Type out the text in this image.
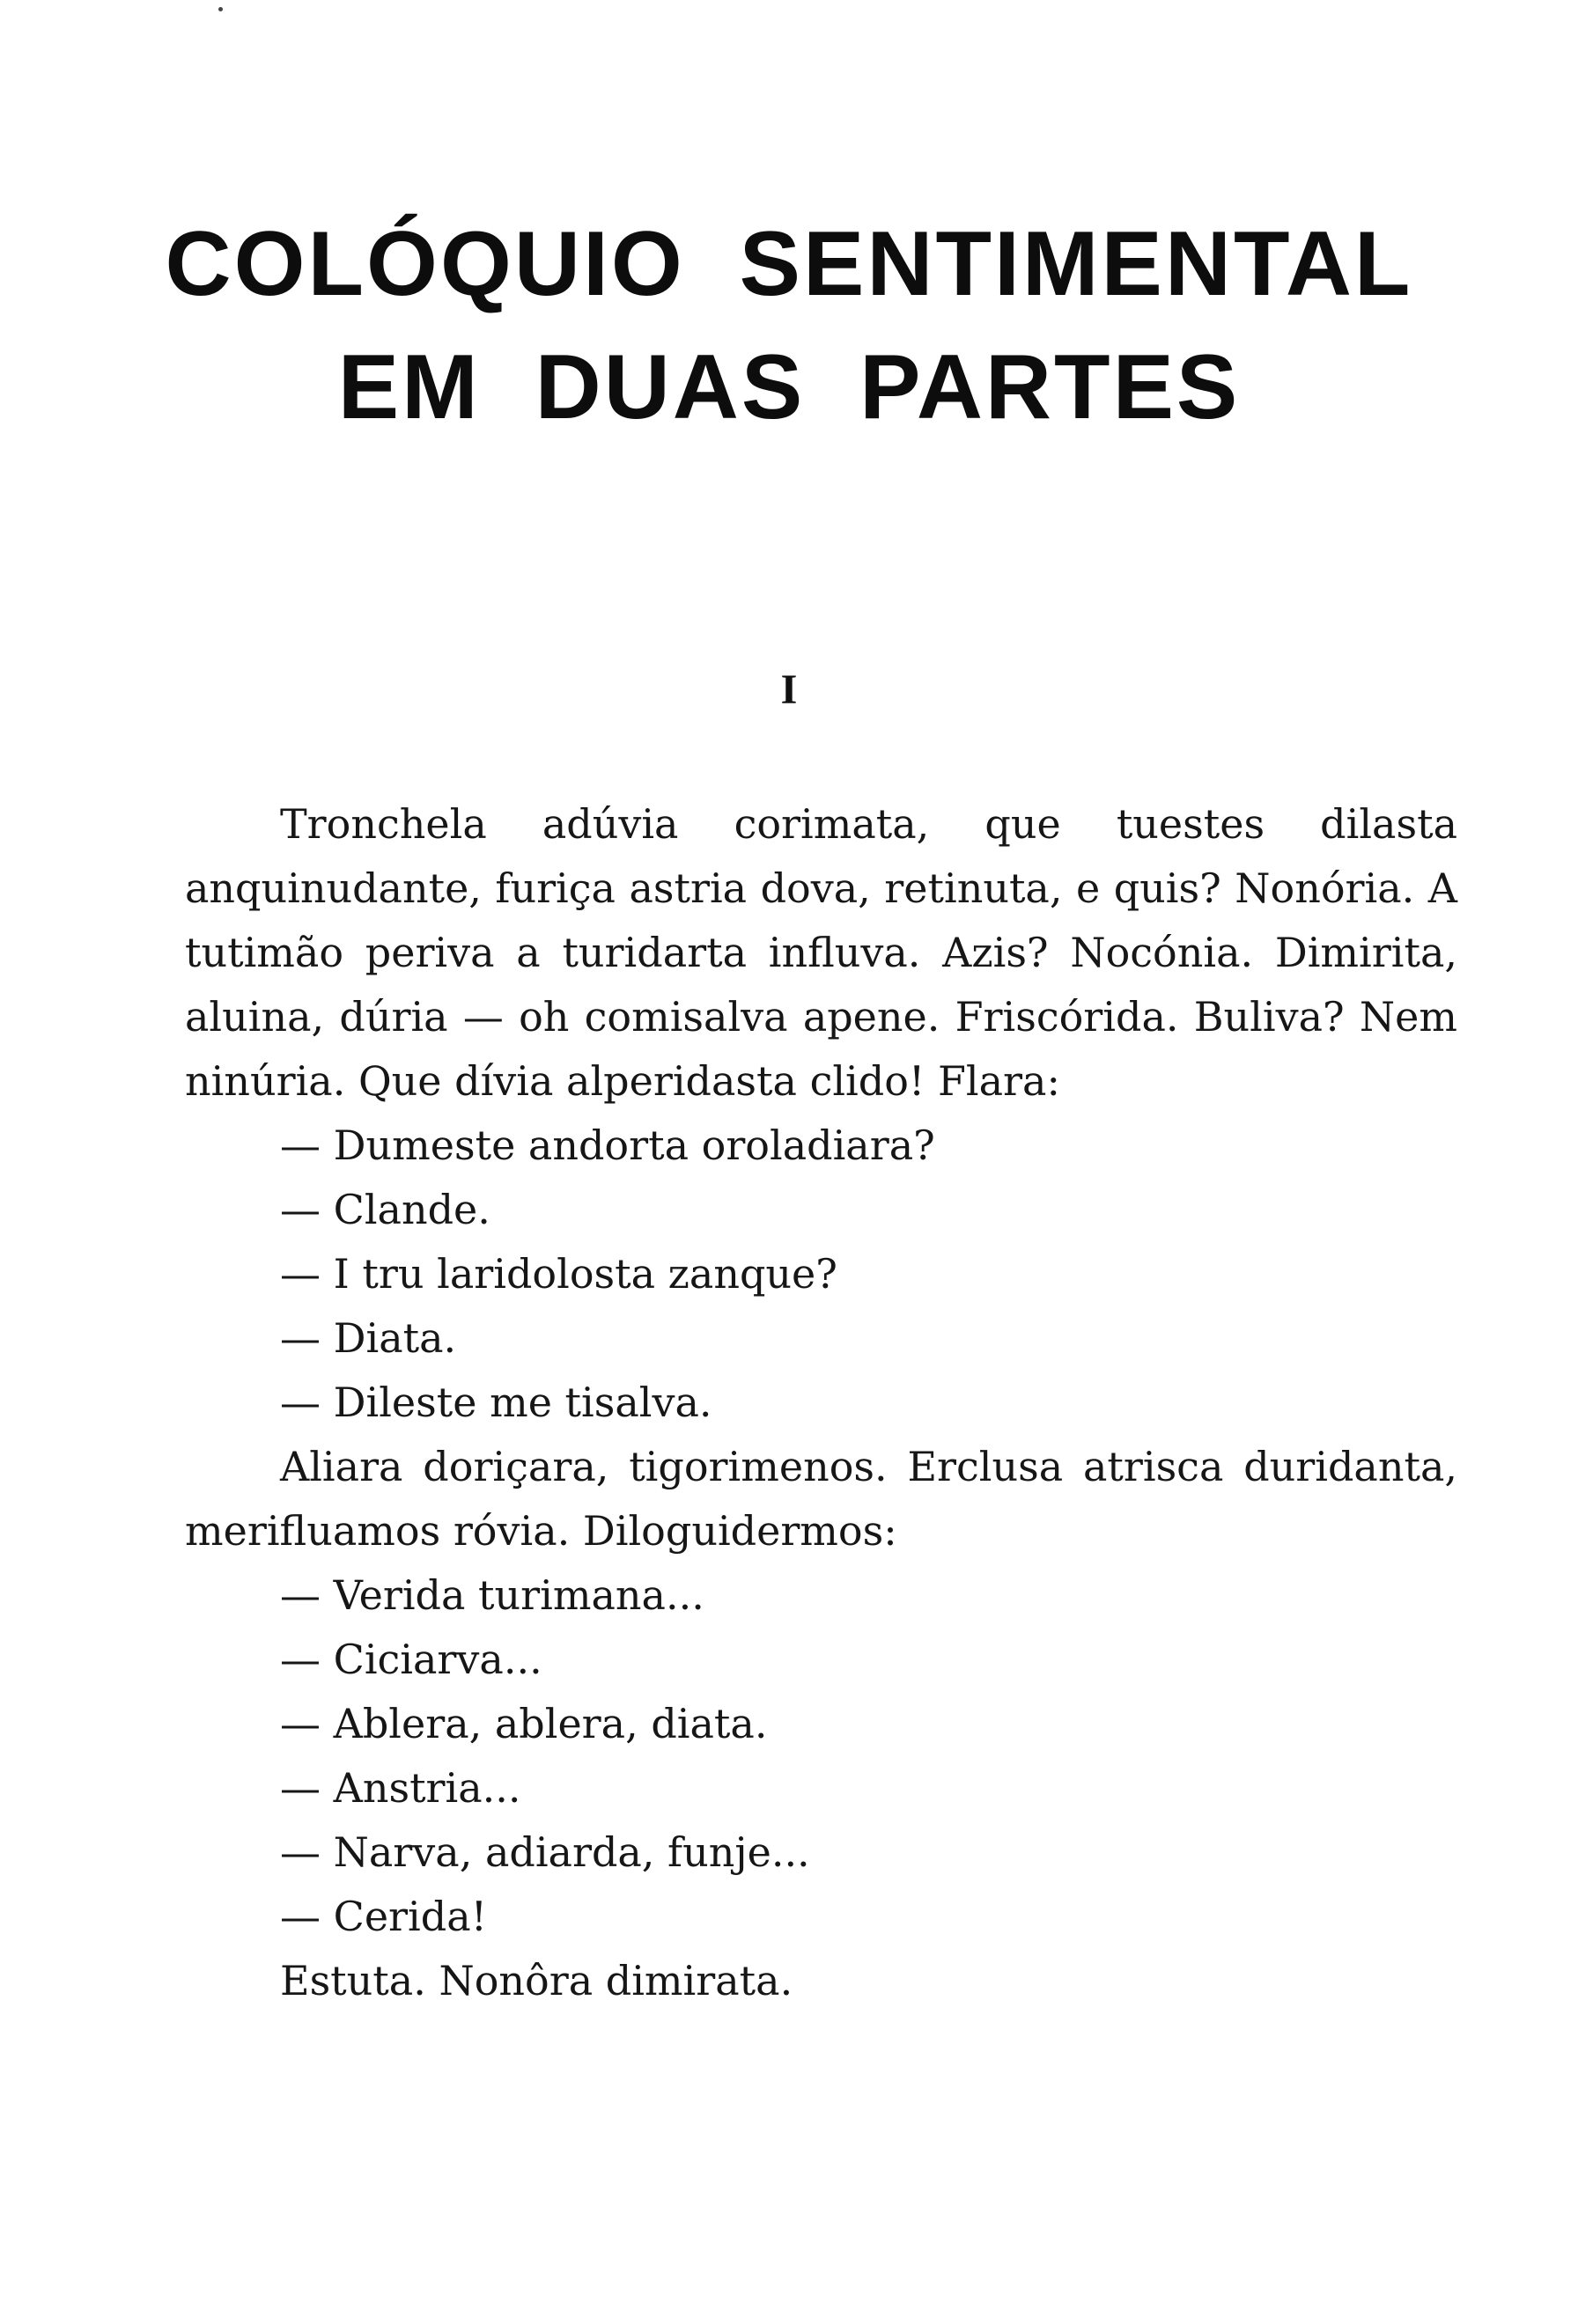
COLÓQUIO SENTIMENTAL
EM DUAS PARTES
I

Tronchela adúvia corimata, que tuestes dilasta anquinudante, furiça astria dova, retinuta, e quis? Nonória. A tutimão periva a turidarta influva. Azis? Nocónia. Dimirita, aluina, dúria — oh comisalva apene. Friscórida. Buliva? Nem ninúria. Que dívia alperidasta clido! Flara:

— Dumeste andorta oroladiara?

— Clande.

— I tru laridolosta zanque?

— Diata.

— Dileste me tisalva.

Aliara doriçara, tigorimenos. Erclusa atrisca duridanta, merifluamos róvia. Diloguidermos:

— Verida turimana...

— Ciciarva...

— Ablera, ablera, diata.

— Anstria...

— Narva, adiarda, funje...

— Cerida!

Estuta. Nonôra dimirata.
